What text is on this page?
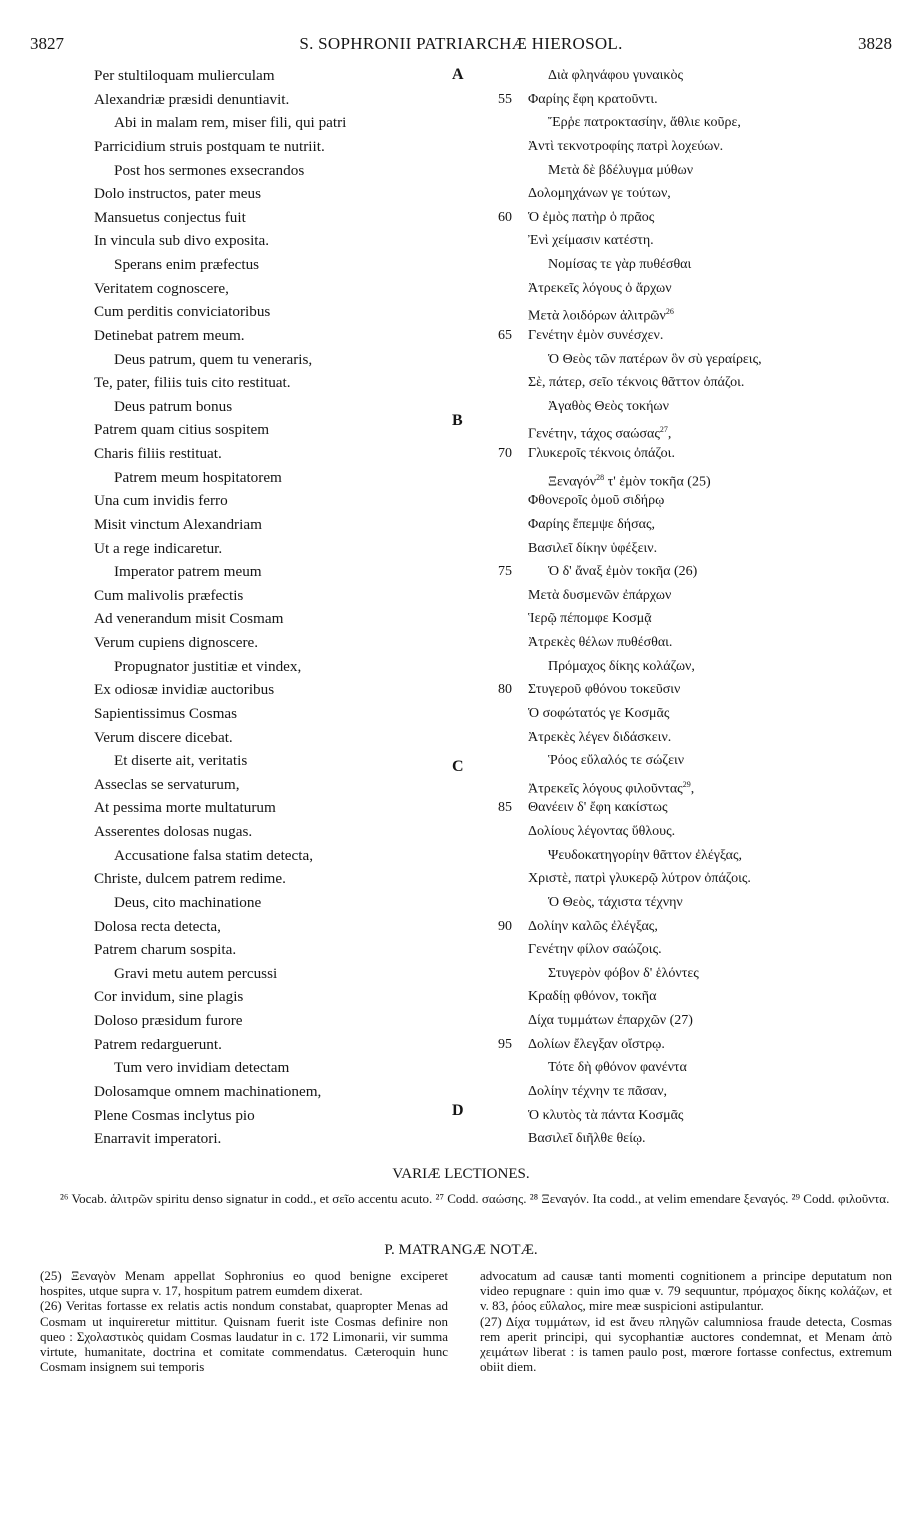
3827	S. SOPHRONII PATRIARCHÆ HIEROSOL.	3828
Per stultiloquam mulierculam
Alexandriæ præsidi denuntiavit.
Abi in malam rem, miser fili, qui patri
Parricidium struis postquam te nutriit.
Post hos sermones exsecrandos
Dolo instructos, pater meus
Mansuetus conjectus fuit
In vincula sub divo exposita.
Sperans enim præfectus
Veritatem cognoscere,
Cum perditis conviciatoribus
Detinebat patrem meum.
Deus patrum, quem tu veneraris,
Te, pater, filiis tuis cito restituat.
Deus patrum bonus
Patrem quam citius sospitem
Charis filiis restituat.
Patrem meum hospitatorem
Una cum invidis ferro
Misit vinctum Alexandriam
Ut a rege indicaretur.
Imperator patrem meum
Cum malivolis præfectis
Ad venerandum misit Cosmam
Verum cupiens dignoscere.
Propugnator justitiæ et vindex,
Ex odiosæ invidiæ auctoribus
Sapientissimus Cosmas
Verum discere dicebat.
Et diserte ait, veritatis
Asseclas se servaturum,
At pessima morte multaturum
Asserentes dolosas nugas.
Accusatione falsa statim detecta,
Christe, dulcem patrem redime.
Deus, cito machinatione
Dolosa recta detecta,
Patrem charum sospita.
Gravi metu autem percussi
Cor invidum, sine plagis
Doloso præsidum furore
Patrem redarguerunt.
Tum vero invidiam detectam
Dolosamque omnem machinationem,
Plene Cosmas inclytus pio
Enarravit imperatori.
Διὰ φληνάφου γυναικὸς
55	Φαρίης ἔφη κρατοῦντι.
Ἔρῥε πατροκτασίην, ἄθλιε κοῦρε,
Ἀντὶ τεκνοτροφίης πατρὶ λοχεύων.
Μετὰ δὲ βδέλυγμα μύθων
Δολομηχάνων γε τούτων,
60	Ὁ ἐμὸς πατὴρ ὁ πρᾶος
Ἐνὶ χείμασιν κατέστη.
Νομίσας τε γὰρ πυθέσθαι
Ἀτρεκεῖς λόγους ὁ ἄρχων
Μετὰ λοιδόρων ἀλιτρῶν$^{26}$
65	Γενέτην ἐμὸν συνέσχεν.
Ὁ Θεὸς τῶν πατέρων ὃν σὺ γεραίρεις,
Σὲ, πάτερ, σεῖο τέκνοις θᾶττον ὀπάζοι.
Ἀγαθὸς Θεὸς τοκήων
Γενέτην, τάχος σαώσας$^{27}$,
70	Γλυκεροῖς τέκνοις ὀπάζοι.
Ξεναγόν$^{28}$ τ' ἐμὸν τοκῆα (25)
Φθονεροῖς ὁμοῦ σιδήρῳ
Φαρίης ἔπεμψε δήσας,
Βασιλεῖ δίκην ὑφέξειν.
75	Ὁ δ' ἄναξ ἐμὸν τοκῆα (26)
Μετὰ δυσμενῶν ἐπάρχων
Ἱερῷ πέπομφε Κοσμᾷ
Ἀτρεκὲς θέλων πυθέσθαι.
Πρόμαχος δίκης κολάζων,
80	Στυγεροῦ φθόνου τοκεῦσιν
Ὁ σοφώτατός γε Κοσμᾶς
Ἀτρεκὲς λέγεν διδάσκειν.
Ῥόος εὔλαλός τε σώζειν
Ἀτρεκεῖς λόγους φιλοῦντας$^{29}$,
85	Θανέειν δ' ἔφη κακίστως
Δολίους λέγοντας ὕθλους.
Ψευδοκατηγορίην θᾶττον ἐλέγξας,
Χριστὲ, πατρὶ γλυκερῷ λύτρον ὀπάζοις.
Ὁ Θεὸς, τάχιστα τέχνην
90	Δολίην καλῶς ἐλέγξας,
Γενέτην φίλον σαώζοις.
Στυγερὸν φόβον δ' ἑλόντες
Κραδίῃ φθόνον, τοκῆα
Δίχα τυμμάτων ἐπαρχῶν (27)
95	Δολίων ἔλεγξαν οἴστρῳ.
Τότε δὴ φθόνον φανέντα
Δολίην τέχνην τε πᾶσαν,
Ὁ κλυτὸς τὰ πάντα Κοσμᾶς
Βασιλεῖ διῆλθε θείῳ.
A
B
C
D
VARIÆ LECTIONES.
²⁶ Vocab. ἀλιτρῶν spiritu denso signatur in codd., et σεῖο accentu acuto. ²⁷ Codd. σαώσης. ²⁸ Ξεναγόν. Ita codd., at velim emendare ξεναγός. ²⁹ Codd. φιλοῦντα.
P. MATRANGÆ NOTÆ.

(25) Ξεναγὸν Menam appellat Sophronius eo quod benigne exciperet hospites, utque supra v. 17, hospitum patrem eumdem dixerat.

(26) Veritas fortasse ex relatis actis nondum constabat, quapropter Menas ad Cosmam ut inquireretur mittitur. Quisnam fuerit iste Cosmas definire non queo : Σχολαστικὸς quidam Cosmas laudatur in c. 172 Limonarii, vir summa virtute, humanitate, doctrina et comitate commendatus. Cæteroquin hunc Cosmam insignem sui temporis

advocatum ad causæ tanti momenti cognitionem a principe deputatum non video repugnare : quin imo quæ v. 79 sequuntur, πρόμαχος δίκης κολάζων, et v. 83, ῥόος εὔλαλος, mire meæ suspicioni astipulantur.

(27) Δίχα τυμμάτων, id est ἄνευ πληγῶν calumniosa fraude detecta, Cosmas rem aperit principi, qui sycophantiæ auctores condemnat, et Menam ἀπὸ χειμάτων liberat : is tamen paulo post, mœrore fortasse confectus, extremum obiit diem.
